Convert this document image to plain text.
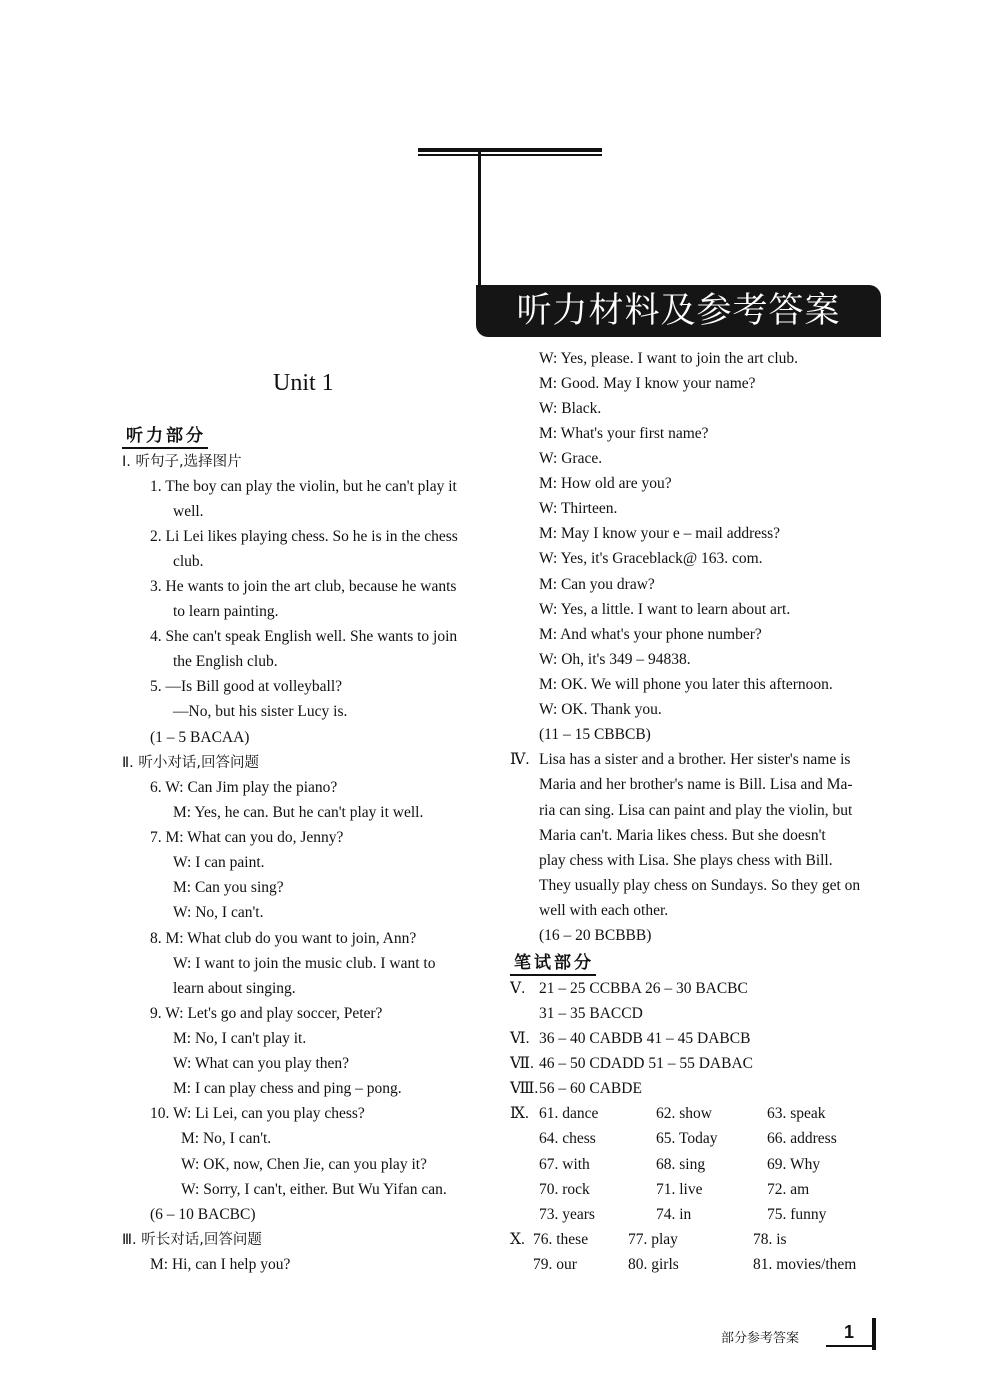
听力材料及参考答案
Unit 1
听力部分
Ⅰ. 听句子,选择图片
1. The boy can play the violin, but he can't play it
well.
2. Li Lei likes playing chess. So he is in the chess
club.
3. He wants to join the art club, because he wants
to learn painting.
4. She can't speak English well. She wants to join
the English club.
5. —Is Bill good at volleyball?
—No, but his sister Lucy is.
(1 – 5 BACAA)
Ⅱ. 听小对话,回答问题
6. W: Can Jim play the piano?
M: Yes, he can. But he can't play it well.
7. M: What can you do, Jenny?
W: I can paint.
M: Can you sing?
W: No, I can't.
8. M: What club do you want to join, Ann?
W: I want to join the music club. I want to
learn about singing.
9. W: Let's go and play soccer, Peter?
M: No, I can't play it.
W: What can you play then?
M: I can play chess and ping – pong.
10. W: Li Lei, can you play chess?
M: No, I can't.
W: OK, now, Chen Jie, can you play it?
W: Sorry, I can't, either. But Wu Yifan can.
(6 – 10 BACBC)
Ⅲ. 听长对话,回答问题
M: Hi, can I help you?
W: Yes, please. I want to join the art club.
M: Good. May I know your name?
W: Black.
M: What's your first name?
W: Grace.
M: How old are you?
W: Thirteen.
M: May I know your e – mail address?
W: Yes, it's Graceblack@ 163. com.
M: Can you draw?
W: Yes, a little. I want to learn about art.
M: And what's your phone number?
W: Oh, it's 349 – 94838.
M: OK. We will phone you later this afternoon.
W: OK. Thank you.
(11 – 15 CBBCB)
Ⅳ. Lisa has a sister and a brother. Her sister's name is
Maria and her brother's name is Bill. Lisa and Ma-
ria can sing. Lisa can paint and play the violin, but
Maria can't. Maria likes chess. But she doesn't
play chess with Lisa. She plays chess with Bill.
They usually play chess on Sundays. So they get on
well with each other.
(16 – 20 BCBBB)
笔试部分
Ⅴ. 21 – 25 CCBBA 26 – 30 BACBC
31 – 35 BACCD
Ⅵ. 36 – 40 CABDB 41 – 45 DABCB
Ⅶ. 46 – 50 CDADD 51 – 55 DABAC
Ⅷ. 56 – 60 CABDE
Ⅸ. 61. dance	62. show	63. speak
64. chess	65. Today	66. address
67. with	68. sing	69. Why
70. rock	71. live	72. am
73. years	74. in	75. funny
Ⅹ. 76. these	77. play	78. is
79. our	80. girls	81. movies/them
部分参考答案	1
